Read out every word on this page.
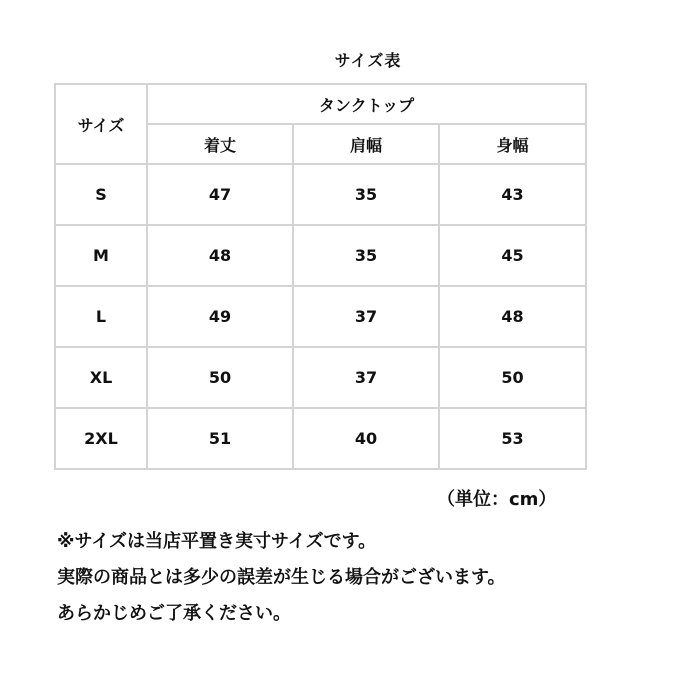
サイズ表
サイズ	タンクトップ		
	着丈	肩幅	身幅
S	47	35	43
M	48	35	45
L	49	37	48
XL	50	37	50
2XL	51	40	53
（単位：cm）
※サイズは当店平置き実寸サイズです。
実際の商品とは多少の誤差が生じる場合がございます。
あらかじめご了承ください。
